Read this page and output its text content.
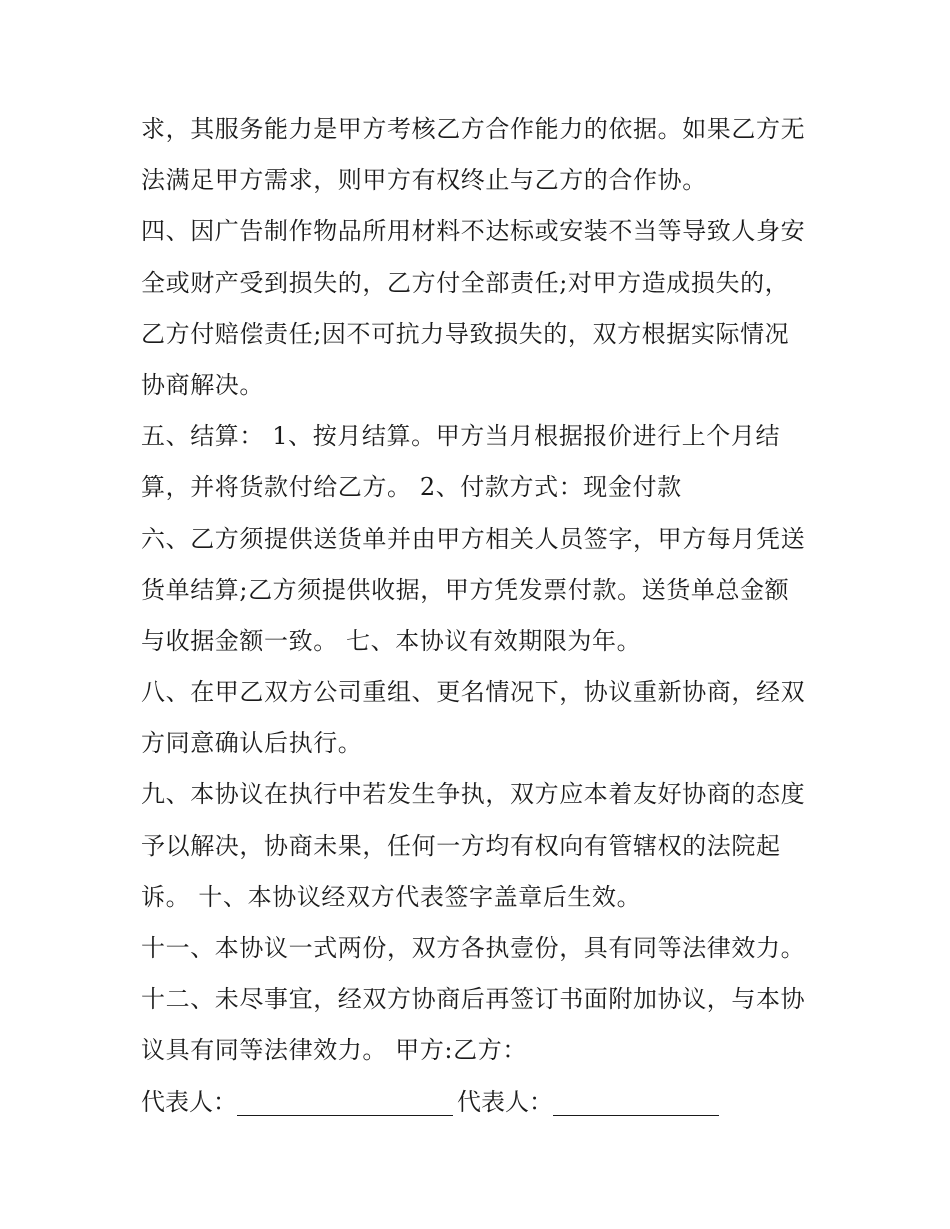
求，其服务能力是甲方考核乙方合作能力的依据。如果乙方无
法满足甲方需求，则甲方有权终止与乙方的合作协。
四、因广告制作物品所用材料不达标或安装不当等导致人身安
全或财产受到损失的，乙方付全部责任;对甲方造成损失的，
乙方付赔偿责任;因不可抗力导致损失的，双方根据实际情况
协商解决。
五、结算： 1、按月结算。甲方当月根据报价进行上个月结
算，并将货款付给乙方。 2、付款方式：现金付款
六、乙方须提供送货单并由甲方相关人员签字，甲方每月凭送
货单结算;乙方须提供收据，甲方凭发票付款。送货单总金额
与收据金额一致。 七、本协议有效期限为年。
八、在甲乙双方公司重组、更名情况下，协议重新协商，经双
方同意确认后执行。
九、本协议在执行中若发生争执，双方应本着友好协商的态度
予以解决，协商未果，任何一方均有权向有管辖权的法院起
诉。 十、本协议经双方代表签字盖章后生效。
十一、本协议一式两份，双方各执壹份，具有同等法律效力。
十二、未尽事宜，经双方协商后再签订书面附加协议，与本协
议具有同等法律效力。 甲方:乙方：
代表人：	代表人：
